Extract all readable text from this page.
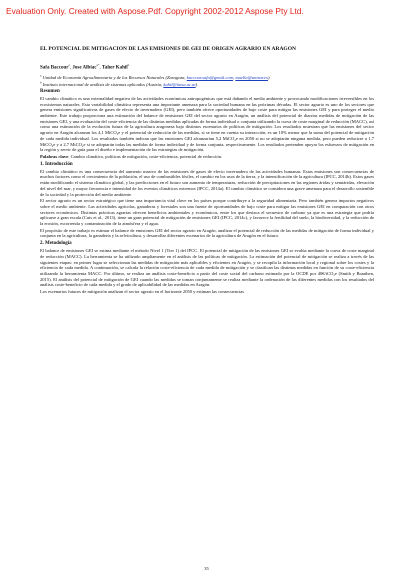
Evaluation Only. Created with Aspose.Pdf. Copyright 2002-2012 Aspose Pty Ltd.
EL POTENCIAL DE MITIGACION DE LAS EMISIONES DE GEI DE ORIGEN AGRARIO EN ARAGON
Safa Baccour$^a$, Jose Albiac$^{a*}$, Taher Kahil$^b$
$^a$ Unidad de Economía Agroalimentaria y de los Recursos Naturales (Zaragoza, baccour.safa@gmail.com, maella@unizar.es).
$^b$ Instituto internacional de análisis de sistemas aplicados (Austria, kahil@iiasa.ac.at).
Resumen

El cambio climático es una externalidad negativa de las actividades económicas antropogénicas que está dañando el medio ambiente y provocando modificaciones irreversibles en los ecosistemas naturales. Esta variabilidad climática representa una importante amenaza para la sociedad humana en las próximas décadas. El sector agrario es uno de los sectores que genera emisiones significativas de gases de efecto de invernadero (GEI), pero también ofrece oportunidades de bajo coste para mitigar las emisiones GEI y para proteger el medio ambiente. Este trabajo proporciona una estimación del balance de emisiones GEI del sector agrario en Aragón, un análisis del potencial de diarrias medidas de mitigación de las emisiones GEI, y una evaluación del coste-eficiencia de las distintas medidas aplicadas de forma individual o conjunta utilizando la curva de coste marginal de reducción (MACC), así como una estimación de la evolución futura de la agricultura aragonesa bajo distintos escenarios de políticas de mitigación. Los resultados muestran que las emisiones del sector agrario en Aragón alcanzan los 4,1 MtCO₂e y el potencial de reducción de las medidas, si se tiene en cuenta su interacción, es un 10% menor que la suma del potencial de mitigación de cada medida individual. Los resultados también indican que las emisiones GEI alcanzarían 5,2 MtCO₂e en 2050 si no se adoptarán ninguna medida, pero pueden reducirse a 1,7 MtCO₂e y a 2,7 MtCO₂e si se adoptarán todas las medidas de forma individual y de forma conjunta, respectivamente. Los resultados pretenden apoyar los esfuerzos de mitigación en la región y servir de guía para el diseño e implementación de las estrategias de mitigación.

Palabras clave: Cambio climático, políticas de mitigación, coste-eficiencia, potencial de reducción.

1. Introducción

El cambio climático es una consecuencia del aumento masivo de las emisiones de gases de efecto invernadero de las actividades humanas. Estas emisiones son consecuencias de muchos factores como el crecimiento de la población, el uso de combustibles fósiles, el cambio en los usos de la tierra, y la intensificación de la agricultura (IPCC, 2014b). Estos gases están modificando el sistema climático global, y las predicciones en el futuro son aumento de temperaturas, reducción de precipitaciones en las regiones áridas y semiáridas, elevación del nivel del mar, y mayor frecuencia e intensidad de los eventos climáticos extremos (IPCC, 2014a). El cambio climático se considera una grave amenaza para el desarrollo sostenible de la sociedad y la protección del medio ambiente.

El sector agrario es un sector estratégico que tiene una importancia vital clave en los países porque contribuye a la seguridad alimentaria. Pero también genera impactos negativos sobre el medio ambiente. Las actividades agrícolas, ganaderas y forestales son una fuente de oportunidades de bajo coste para mitigar las emisiones GEI en comparación con otros sectores económicos. Distintas prácticas agrarias ofrecen beneficios ambientales y económicos, entre los que destaca el secuestro de carbono ya que es una estrategia que podría aplicarse a gran escala (Cuis et al., 2013), tiene un gran potencial de mitigación de emisiones GEI (IPCC, 2014c), y favorece la fertilidad del suelo, la biodiversidad, y la reducción de la erosión, escorrentía y contaminación de la atmósfera y el agua.

El propósito de este trabajo es estimar el balance de emisiones GEI del sector agrario en Aragón, analizar el potencial de reducción de las medidas de mitigación de forma individual y conjunta en la agricultura, la ganadería y la selvicultura, y desarrollar diferentes escenarios de la agricultura de Aragón en el futuro.

2. Metodología

El balance de emisiones GEI se estima mediante el método Nivel 1 (Tier 1) del IPCC. El potencial de mitigación de las emisiones GEI se evalúa mediante la curva de coste marginal de reducción (MACC). La herramienta se ha utilizado ampliamente en el análisis de las políticas de mitigación. La estimación del potencial de mitigación se realiza a través de las siguientes etapas: en primer lugar se seleccionan las medidas de mitigación más aplicables y eficientes en Aragón, y se recopila la información local y regional sobre los costes y la eficiencia de cada medida. A continuación, se calcula la relación coste-eficiencia de cada medida de mitigación y se clasifican las distintas medidas en función de su coste-eficiencia utilizando la herramienta MACC. Por último, se realiza un análisis coste-beneficio a partir del coste social del carbono estimado por la OCDE por 40€/tCO₂e (Smith y Braathen, 2015). El análisis del potencial de mitigación de GEI cuando las medidas se toman conjuntamente se realiza mediante la ordenación de las diferentes medidas con los resultados del análisis coste-beneficio de cada medida y el grado de aplicabilidad de las medidas en Aragón.

Los escenarios futuros de mitigación analizan el sector agrario en el horizonte 2050 y estiman las consecuencias

35
